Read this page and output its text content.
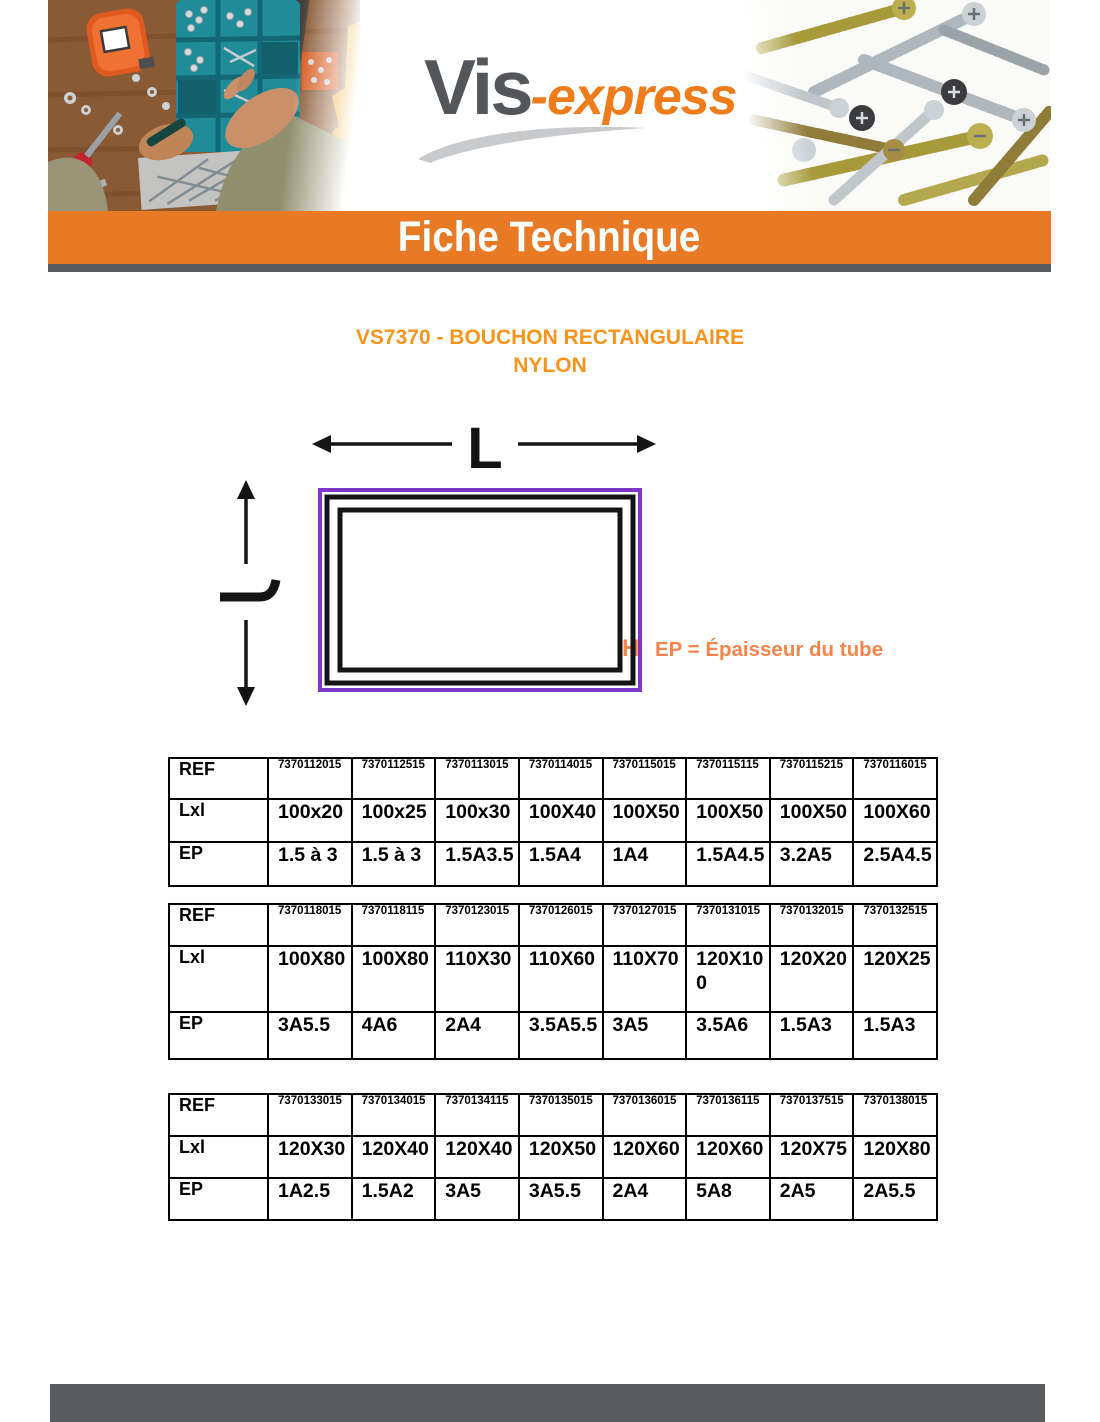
Vis-express
Fiche Technique
VS7370 - BOUCHON RECTANGULAIRE
NYLON
L
H EP = Épaisseur du tube
REF	7370112015	7370112515	7370113015	7370114015	7370115015	7370115115	7370115215	7370116015
Lxl	100x20	100x25	100x30	100X40	100X50	100X50	100X50	100X60
EP	1.5 à 3	1.5 à 3	1.5A3.5	1.5A4	1A4	1.5A4.5	3.2A5	2.5A4.5
REF	7370118015	7370118115	7370123015	7370126015	7370127015	7370131015	7370132015	7370132515
Lxl	100X80	100X80	110X30	110X60	110X70	120X100	120X20	120X25
EP	3A5.5	4A6	2A4	3.5A5.5	3A5	3.5A6	1.5A3	1.5A3
REF	7370133015	7370134015	7370134115	7370135015	7370136015	7370136115	7370137515	7370138015
Lxl	120X30	120X40	120X40	120X50	120X60	120X60	120X75	120X80
EP	1A2.5	1.5A2	3A5	3A5.5	2A4	5A8	2A5	2A5.5
